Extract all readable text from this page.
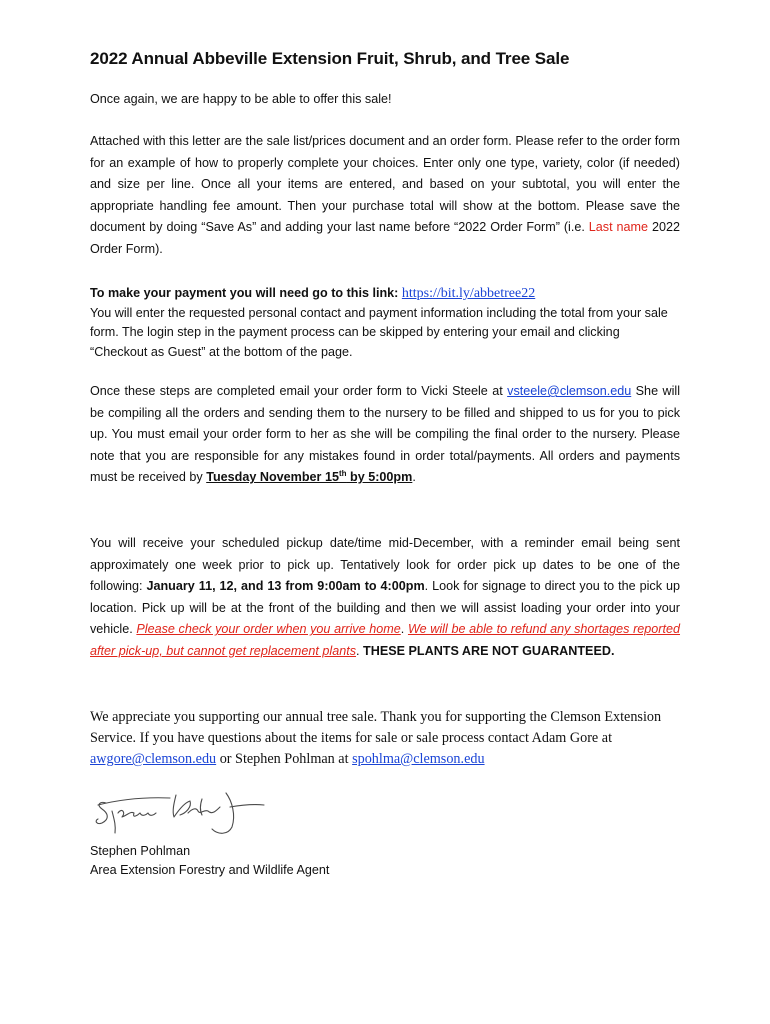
2022 Annual Abbeville Extension Fruit, Shrub, and Tree Sale

Once again, we are happy to be able to offer this sale!

Attached with this letter are the sale list/prices document and an order form. Please refer to the order form for an example of how to properly complete your choices. Enter only one type, variety, color (if needed) and size per line. Once all your items are entered, and based on your subtotal, you will enter the appropriate handling fee amount. Then your purchase total will show at the bottom. Please save the document by doing “Save As” and adding your last name before “2022 Order Form” (i.e. Last name 2022 Order Form).

To make your payment you will need go to this link: https://bit.ly/abbetree22
You will enter the requested personal contact and payment information including the total from your sale form. The login step in the payment process can be skipped by entering your email and clicking “Checkout as Guest” at the bottom of the page.

Once these steps are completed email your order form to Vicki Steele at vsteele@clemson.edu She will be compiling all the orders and sending them to the nursery to be filled and shipped to us for you to pick up. You must email your order form to her as she will be compiling the final order to the nursery. Please note that you are responsible for any mistakes found in order total/payments. All orders and payments must be received by Tuesday November 15th by 5:00pm.

You will receive your scheduled pickup date/time mid-December, with a reminder email being sent approximately one week prior to pick up. Tentatively look for order pick up dates to be one of the following: January 11, 12, and 13 from 9:00am to 4:00pm. Look for signage to direct you to the pick up location. Pick up will be at the front of the building and then we will assist loading your order into your vehicle. Please check your order when you arrive home. We will be able to refund any shortages reported after pick-up, but cannot get replacement plants. THESE PLANTS ARE NOT GUARANTEED.

We appreciate you supporting our annual tree sale. Thank you for supporting the Clemson Extension Service. If you have questions about the items for sale or sale process contact Adam Gore at awgore@clemson.edu or Stephen Pohlman at spohlma@clemson.edu

Stephen Pohlman
Area Extension Forestry and Wildlife Agent
